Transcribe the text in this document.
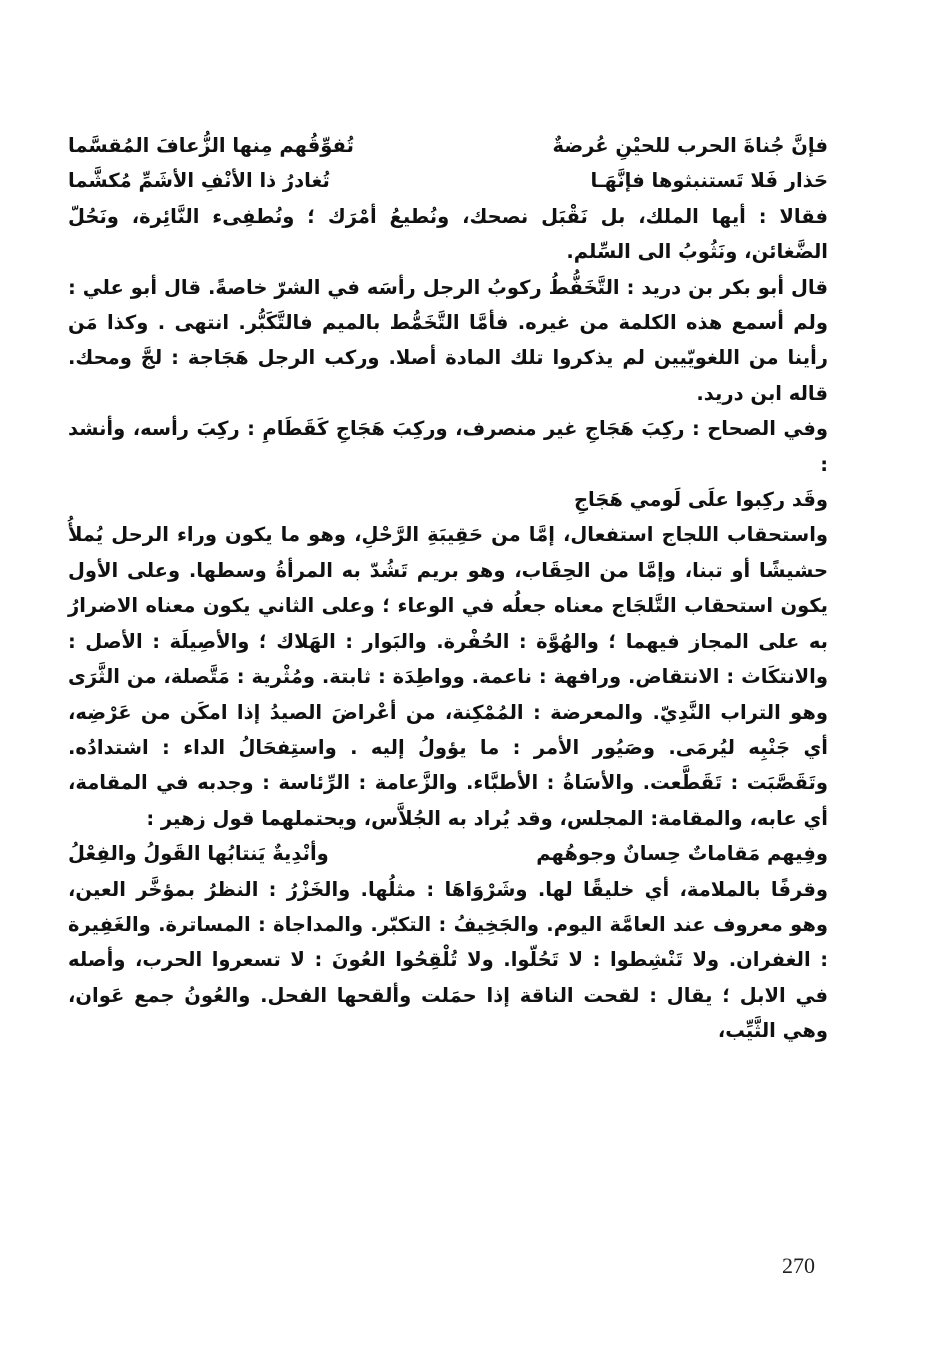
فإنَّ جُناةَ الحرب للحيْنِ عُرضةٌ
تُفوِّقُهم مِنها الزُّعافَ المُقسَّما
حَذار فَلا تَستنبثوها فإنَّهَـا
تُغادرُ ذا الأنْفِ الأشَمِّ مُكشَّما

فقالا : أيها الملك، بل نَقْبَل نصحك، ونُطيعُ أمْرَك ؛ ونُطفِىء النَّائِرة، ونَحُلّ الضَّغائن، ونَثُوبُ الى السِّلم.

قال أبو بكر بن دريد : التَّخَفُّطُ ركوبُ الرجل رأسَه في الشرّ خاصةً. قال أبو علي : ولم أسمع هذه الكلمة من غيره. فأمَّا التَّخَمُّط بالميم فالتَّكَبُّر. انتهى . وكذا مَن رأينا من اللغويّيين لم يذكروا تلك المادة أصلا. وركب الرجل هَجَاجة : لجَّ ومحك. قاله ابن دريد.

وفي الصحاح : ركِبَ هَجَاجِ غير منصرف، وركِبَ هَجَاجِ كَقَطَامِ : ركِبَ رأسه، وأنشد :

وقَد ركِبوا علَى لَومي هَجَاجِ

واستحقاب اللجاج استفعال، إمَّا من حَقِيبَةِ الرَّحْلِ، وهو ما يكون وراء الرحل يُملأُ حشيشًا أو تبنا، وإمَّا من الحِقَاب، وهو بريم تَشُدّ به المرأةُ وسطها. وعلى الأول يكون استحقاب التَّلجَاج معناه جعلُه في الوعاء ؛ وعلى الثاني يكون معناه الاضرارُ به على المجاز فيهما ؛ والهُوَّة : الحُفْرة. والبَوار : الهَلاك ؛ والأصِيلَة : الأصل : والانتكَاث : الانتقاض. ورافهة : ناعمة. وواطِدَة : ثابتة. ومُثْرية : مَتَّصلة، من الثَّرَى وهو التراب النَّدِيّ. والمعرضة : المُمْكِنة، من أعْراضَ الصيدُ إذا امكَن من عَرْضِه، أي جَنْبِه ليُرمَى. وصَيُور الأمر : ما يؤولُ إليه . واستِفحَالُ الداء : اشتدادُه. وتَقَصَّبَت : تَقَطَّعت. والأسَاةُ : الأطبَّاء. والزَّعامة : الرِّئاسة : وجدبه في المقامة، أي عابه، والمقامة: المجلس، وقد يُراد به الجُلاَّس، ويحتملهما قول زهير :

وفِيهم مَقاماتٌ حِسانٌ وجوهُهم
وأنْدِيةٌ يَنتابُها القَولُ والفِعْلُ

وقرفًا بالملامة، أي خليقًا لها. وشَرْوَاهَا : مثلُها. والخَزْرُ : النظرُ بمؤخَّر العين، وهو معروف عند العامَّة اليوم. والجَخِيفُ : التكبّر. والمداجاة : المساترة. والغَفِيرة : الغفران. ولا تَنْشِطوا : لا تَحُلّوا. ولا تُلْقِحُوا العُونَ : لا تسعروا الحرب، وأصله في الابل ؛ يقال : لقحت الناقة إذا حمَلت وألقحها الفحل. والعُونُ جمع عَوان، وهي الثَّيِّب،

270
